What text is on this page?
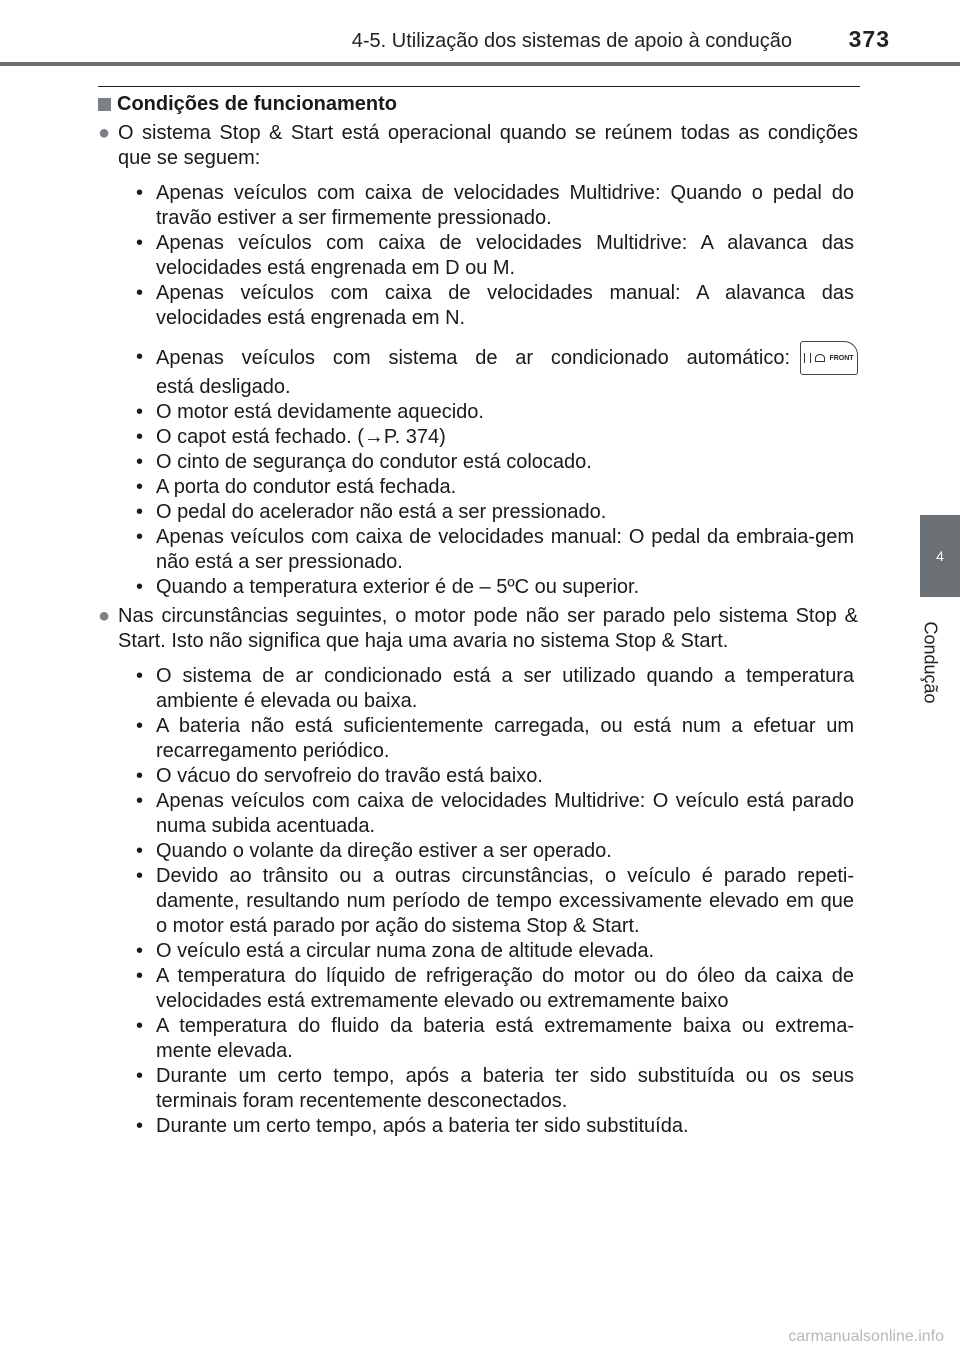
4-5. Utilização dos sistemas de apoio à condução 373
4
Condução
Condições de funcionamento
● O sistema Stop & Start está operacional quando se reúnem todas as condições que se seguem:
• Apenas veículos com caixa de velocidades Multidrive: Quando o pedal do travão estiver a ser firmemente pressionado.
• Apenas veículos com caixa de velocidades Multidrive: A alavanca das velocidades está engrenada em D ou M.
• Apenas veículos com caixa de velocidades manual: A alavanca das velocidades está engrenada em N.
• Apenas veículos com sistema de ar condicionado automático:	FRONT
está desligado.
• O motor está devidamente aquecido.
• O capot está fechado. (→P. 374)
• O cinto de segurança do condutor está colocado.
• A porta do condutor está fechada.
• O pedal do acelerador não está a ser pressionado.
• Apenas veículos com caixa de velocidades manual: O pedal da embraia-gem não está a ser pressionado.
• Quando a temperatura exterior é de – 5ºC ou superior.
● Nas circunstâncias seguintes, o motor pode não ser parado pelo sistema Stop & Start. Isto não significa que haja uma avaria no sistema Stop & Start.
• O sistema de ar condicionado está a ser utilizado quando a temperatura ambiente é elevada ou baixa.
• A bateria não está suficientemente carregada, ou está num a efetuar um recarregamento periódico.
• O vácuo do servofreio do travão está baixo.
• Apenas veículos com caixa de velocidades Multidrive: O veículo está parado numa subida acentuada.
• Quando o volante da direção estiver a ser operado.
• Devido ao trânsito ou a outras circunstâncias, o veículo é parado repeti-damente, resultando num período de tempo excessivamente elevado em que o motor está parado por ação do sistema Stop & Start.
• O veículo está a circular numa zona de altitude elevada.
• A temperatura do líquido de refrigeração do motor ou do óleo da caixa de velocidades está extremamente elevado ou extremamente baixo
• A temperatura do fluido da bateria está extremamente baixa ou extrema-mente elevada.
• Durante um certo tempo, após a bateria ter sido substituída ou os seus terminais foram recentemente desconectados.
• Durante um certo tempo, após a bateria ter sido substituída.
carmanualsonline.info
